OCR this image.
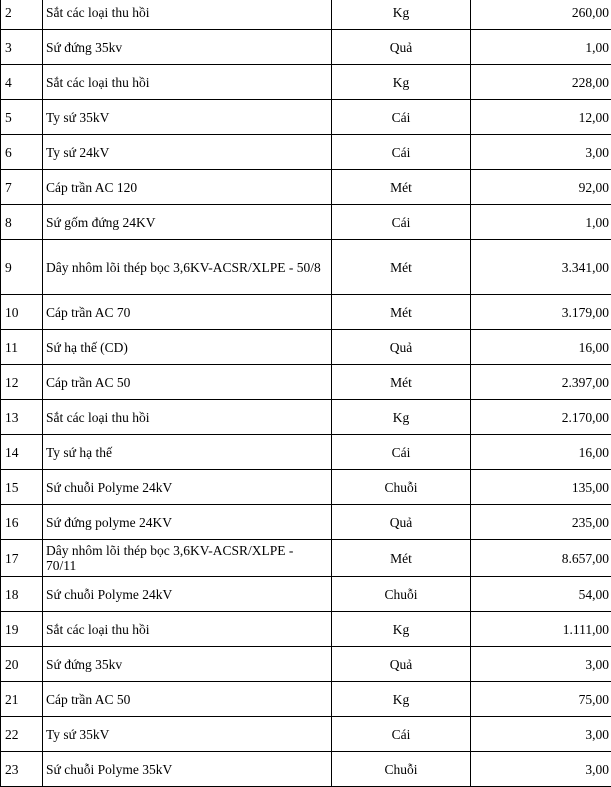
2	Sắt các loại thu hồi	Kg	260,00
3	Sứ đứng 35kv	Quả	1,00
4	Sắt các loại thu hồi	Kg	228,00
5	Ty sứ 35kV	Cái	12,00
6	Ty sứ 24kV	Cái	3,00
7	Cáp trần AC 120	Mét	92,00
8	Sứ gốm đứng 24KV	Cái	1,00
9	Dây nhôm lõi thép bọc 3,6KV-ACSR/XLPE - 50/8	Mét	3.341,00
10	Cáp trần AC 70	Mét	3.179,00
11	Sứ hạ thế (CD)	Quả	16,00
12	Cáp trần AC 50	Mét	2.397,00
13	Sắt các loại thu hồi	Kg	2.170,00
14	Ty sứ hạ thế	Cái	16,00
15	Sứ chuỗi Polyme 24kV	Chuỗi	135,00
16	Sứ đứng polyme 24KV	Quả	235,00
17	Dây nhôm lõi thép bọc 3,6KV-ACSR/XLPE - 70/11	Mét	8.657,00
18	Sứ chuỗi Polyme 24kV	Chuỗi	54,00
19	Sắt các loại thu hồi	Kg	1.111,00
20	Sứ đứng 35kv	Quả	3,00
21	Cáp trần AC 50	Kg	75,00
22	Ty sứ 35kV	Cái	3,00
23	Sứ chuỗi Polyme 35kV	Chuỗi	3,00
